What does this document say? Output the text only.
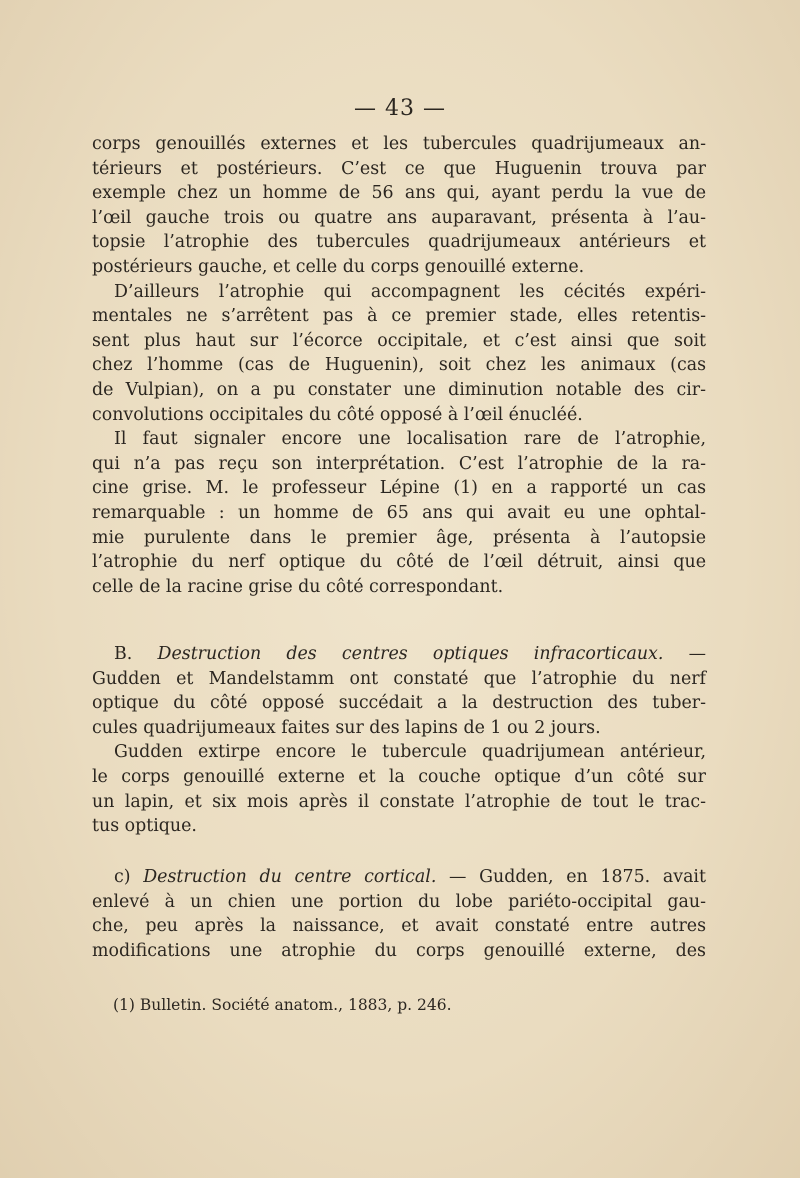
— 43 —
corps genouillés externes et les tubercules quadrijumeaux an-
térieurs et postérieurs. C’est ce que Huguenin trouva par
exemple chez un homme de 56 ans qui, ayant perdu la vue de
l’œil gauche trois ou quatre ans auparavant, présenta à l’au-
topsie l’atrophie des tubercules quadrijumeaux antérieurs et
postérieurs gauche, et celle du corps genouillé externe.
D’ailleurs l’atrophie qui accompagnent les cécités expéri-
mentales ne s’arrêtent pas à ce premier stade, elles retentis-
sent plus haut sur l’écorce occipitale, et c’est ainsi que soit
chez l’homme (cas de Huguenin), soit chez les animaux (cas
de Vulpian), on a pu constater une diminution notable des cir-
convolutions occipitales du côté opposé à l’œil énucléé.
Il faut signaler encore une localisation rare de l’atrophie,
qui n’a pas reçu son interprétation. C’est l’atrophie de la ra-
cine grise. M. le professeur Lépine (1) en a rapporté un cas
remarquable : un homme de 65 ans qui avait eu une ophtal-
mie purulente dans le premier âge, présenta à l’autopsie
l’atrophie du nerf optique du côté de l’œil détruit, ainsi que
celle de la racine grise du côté correspondant.
B. Destruction des centres optiques infracorticaux. —
Gudden et Mandelstamm ont constaté que l’atrophie du nerf
optique du côté opposé succédait a la destruction des tuber-
cules quadrijumeaux faites sur des lapins de 1 ou 2 jours.
Gudden extirpe encore le tubercule quadrijumean antérieur,
le corps genouillé externe et la couche optique d’un côté sur
un lapin, et six mois après il constate l’atrophie de tout le trac-
tus optique.
c) Destruction du centre cortical. — Gudden, en 1875. avait
enlevé à un chien une portion du lobe pariéto-occipital gau-
che, peu après la naissance, et avait constaté entre autres
modifications une atrophie du corps genouillé externe, des
(1) Bulletin. Société anatom., 1883, p. 246.
